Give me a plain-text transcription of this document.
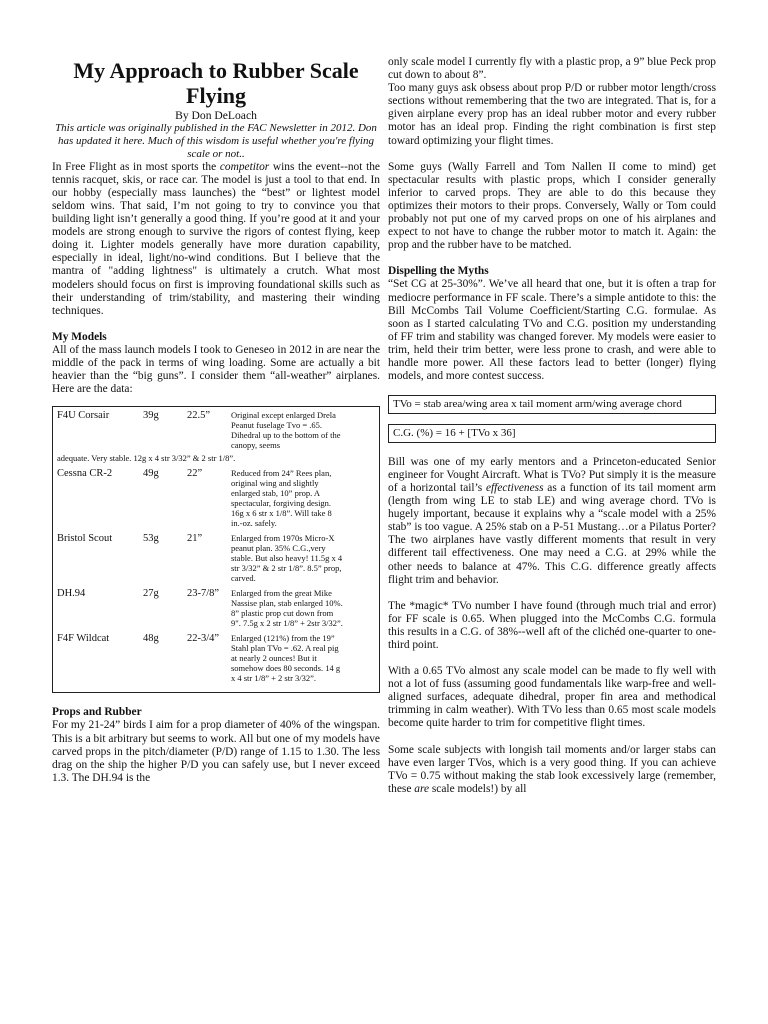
My Approach to Rubber Scale Flying
By Don DeLoach
This article was originally published in the FAC Newsletter in 2012. Don has updated it here. Much of this wisdom is useful whether you're flying scale or not..

In Free Flight as in most sports the competitor wins the event--not the tennis racquet, skis, or race car. The model is just a tool to that end. In our hobby (especially mass launches) the “best” or lightest model seldom wins. That said, I’m not going to try to convince you that building light isn’t generally a good thing. If you’re good at it and your models are strong enough to survive the rigors of contest flying, keep doing it. Lighter models generally have more duration capability, especially in ideal, light/no-wind conditions. But I believe that the mantra of "adding lightness" is ultimately a crutch. What most modelers should focus on first is improving foundational skills such as their understanding of trim/stability, and mastering their winding techniques.

My Models

All of the mass launch models I took to Geneseo in 2012 in are near the middle of the pack in terms of wing loading. Some are actually a bit heavier than the “big guns”. I consider them “all-weather” airplanes. Here are the data:

F4U Corsair	39g	22.5”	Original except enlarged Drela Peanut fuselage Tvo = .65. Dihedral up to the bottom of the canopy, seems
adequate. Very stable. 12g x 4 str 3/32” & 2 str 1/8”.
Cessna CR-2	49g	22”	Reduced from 24” Rees plan, original wing and slightly enlarged stab, 10” prop. A spectacular, forgiving design. 16g x 6 str x 1/8”. Will take 8 in.-oz. safely.
Bristol Scout	53g	21”	Enlarged from 1970s Micro-X peanut plan. 35% C.G.,very stable. But also heavy! 11.5g x 4 str 3/32” & 2 str 1/8”. 8.5” prop, carved.
DH.94	27g	23-7/8”	Enlarged from the great Mike Nassise plan, stab enlarged 10%. 8” plastic prop cut down from 9". 7.5g x 2 str 1/8” + 2str 3/32”.
F4F Wildcat	48g	22-3/4”	Enlarged (121%) from the 19” Stahl plan TVo = .62. A real pig at nearly 2 ounces! But it somehow does 80 seconds. 14 g x 4 str 1/8” + 2 str 3/32”.
Props and Rubber

For my 21-24” birds I aim for a prop diameter of 40% of the wingspan. This is a bit arbitrary but seems to work. All but one of my models have carved props in the pitch/diameter (P/D) range of 1.15 to 1.30. The less drag on the ship the higher P/D you can safely use, but I never exceed 1.3. The DH.94 is the

only scale model I currently fly with a plastic prop, a 9” blue Peck prop cut down to about 8”.

Too many guys ask obsess about prop P/D or rubber motor length/cross sections without remembering that the two are integrated. That is, for a given airplane every prop has an ideal rubber motor and every rubber motor has an ideal prop. Finding the right combination is first step toward optimizing your flight times.

Some guys (Wally Farrell and Tom Nallen II come to mind) get spectacular results with plastic props, which I consider generally inferior to carved props. They are able to do this because they optimizes their motors to their props. Conversely, Wally or Tom could probably not put one of my carved props on one of his airplanes and expect to not have to change the rubber motor to match it. Again: the prop and the rubber have to be matched.

Dispelling the Myths

“Set CG at 25-30%”. We’ve all heard that one, but it is often a trap for mediocre performance in FF scale. There’s a simple antidote to this: the Bill McCombs Tail Volume Coefficient/Starting C.G. formulae. As soon as I started calculating TVo and C.G. position my understanding of FF trim and stability was changed forever. My models were easier to trim, held their trim better, were less prone to crash, and were able to handle more power. All these factors lead to better (longer) flying models, and more contest success.

TVo = stab area/wing area x tail moment arm/wing average chord
C.G. (%) = 16 + [TVo x 36]

Bill was one of my early mentors and a Princeton-educated Senior engineer for Vought Aircraft. What is TVo? Put simply it is the measure of a horizontal tail’s effectiveness as a function of its tail moment arm (length from wing LE to stab LE) and wing average chord. TVo is hugely important, because it explains why a “scale model with a 25% stab” is too vague. A 25% stab on a P-51 Mustang…or a Pilatus Porter? The two airplanes have vastly different moments that result in very different tail effectiveness. One may need a C.G. at 29% while the other needs to balance at 47%. This C.G. difference greatly affects flight trim and behavior.

The *magic* TVo number I have found (through much trial and error) for FF scale is 0.65. When plugged into the McCombs C.G. formula this results in a C.G. of 38%--well aft of the clichéd one-quarter to one-third point.

With a 0.65 TVo almost any scale model can be made to fly well with not a lot of fuss (assuming good fundamentals like warp-free and well-aligned surfaces, adequate dihedral, proper fin area and methodical trimming in calm weather). With TVo less than 0.65 most scale models become quite harder to trim for competitive flight times.

Some scale subjects with longish tail moments and/or larger stabs can have even larger TVos, which is a very good thing. If you can achieve TVo = 0.75 without making the stab look excessively large (remember, these are scale models!) by all
